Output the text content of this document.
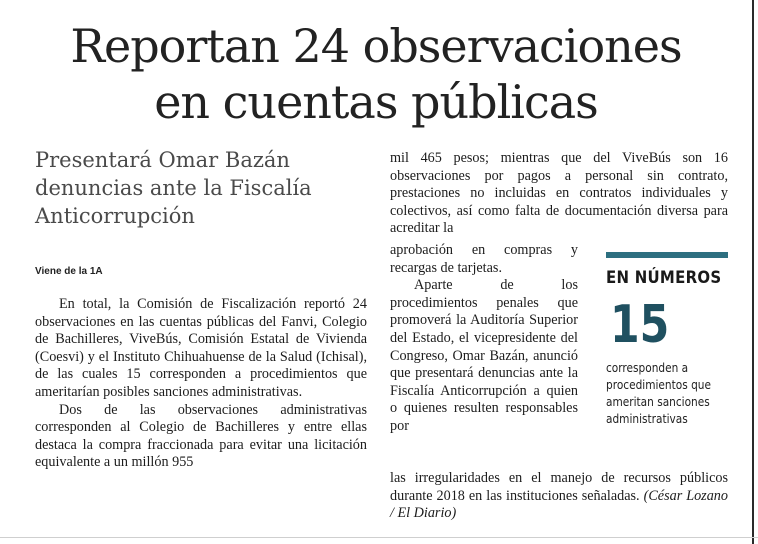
Reportan 24 observaciones
en cuentas públicas
Presentará Omar Bazán denuncias ante la Fiscalía Anticorrupción
Viene de la 1A

En total, la Comisión de Fiscalización reportó 24 observaciones en las cuentas públicas del Fanvi, Colegio de Bachilleres, ViveBús, Comisión Estatal de Vivienda (Coesvi) y el Instituto Chihuahuense de la Salud (Ichisal), de las cuales 15 corresponden a procedimientos que ameritarían posibles sanciones administrativas.

Dos de las observaciones administrativas corresponden al Colegio de Bachilleres y entre ellas destaca la compra fraccionada para evitar una licitación equivalente a un millón 955

mil 465 pesos; mientras que del ViveBús son 16 observaciones por pagos a personal sin contrato, prestaciones no incluidas en contratos individuales y colectivos, así como falta de documentación diversa para acreditar la

aprobación en compras y recargas de tarjetas.

Aparte de los procedimientos penales que promoverá la Auditoría Superior del Estado, el vicepresidente del Congreso, Omar Bazán, anunció que presentará denuncias ante la Fiscalía Anticorrupción a quien o quienes resulten responsables por

las irregularidades en el manejo de recursos públicos durante 2018 en las instituciones señaladas. (César Lozano / El Diario)

EN NÚMEROS
15
corresponden a procedimientos que ameritan sanciones administrativas
